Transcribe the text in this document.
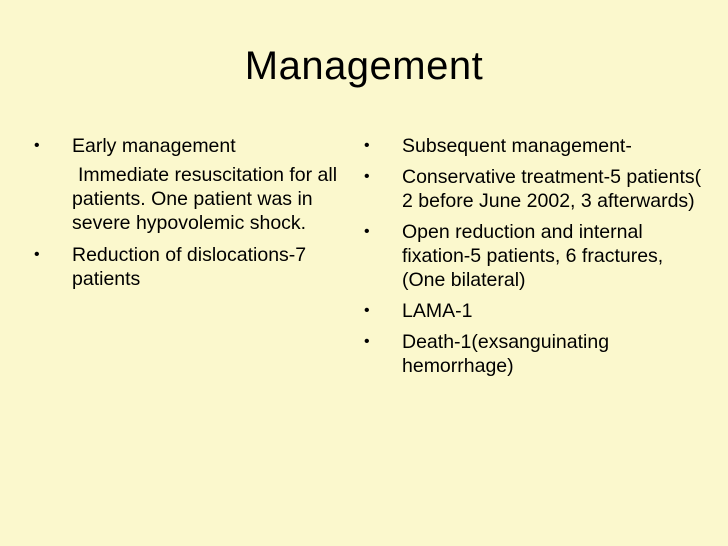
Management
•	Early management
Immediate resuscitation for all patients. One patient was in severe hypovolemic shock.
•	Reduction of dislocations-7 patients
•	Subsequent management-
•	Conservative treatment-5 patients( 2 before June 2002, 3 afterwards)
•	Open reduction and internal fixation-5 patients, 6 fractures, (One bilateral)
•	LAMA-1
•	Death-1(exsanguinating hemorrhage)
